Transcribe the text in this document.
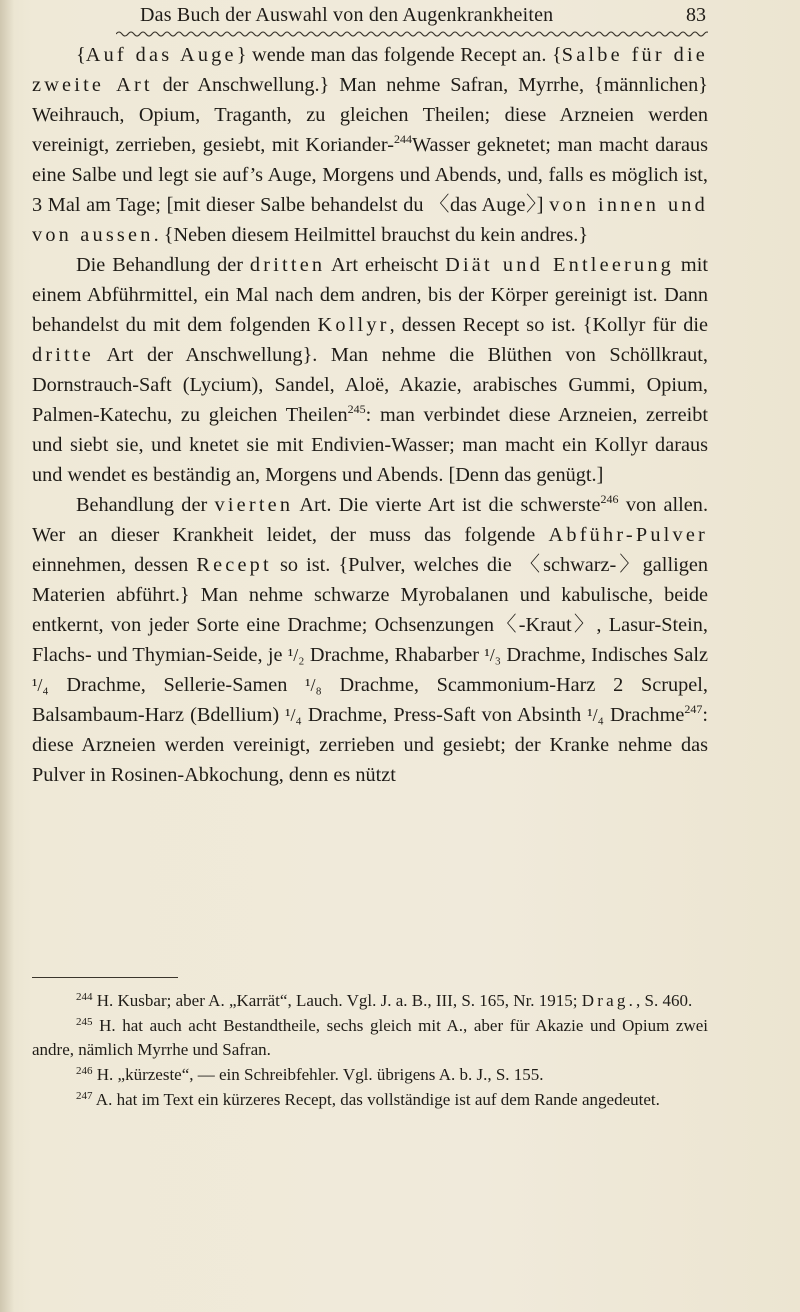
Das Buch der Auswahl von den Augenkrankheiten	83

{Auf das Auge} wende man das folgende Recept an. {Salbe für die zweite Art der Anschwellung.} Man nehme Safran, Myrrhe, {männlichen} Weihrauch, Opium, Traganth, zu gleichen Theilen; diese Arzneien werden vereinigt, zerrieben, gesiebt, mit Koriander-$^{244}$Wasser geknetet; man macht daraus eine Salbe und legt sie auf’s Auge, Morgens und Abends, und, falls es möglich ist, 3 Mal am Tage; [mit dieser Salbe behandelst du 〈das Auge〉] von innen und von aussen. {Neben diesem Heilmittel brauchst du kein andres.}

Die Behandlung der dritten Art erheischt Diät und Entleerung mit einem Abführmittel, ein Mal nach dem andren, bis der Körper gereinigt ist. Dann behandelst du mit dem folgenden Kollyr, dessen Recept so ist. {Kollyr für die dritte Art der Anschwellung}. Man nehme die Blüthen von Schöllkraut, Dornstrauch-Saft (Lycium), Sandel, Aloë, Akazie, arabisches Gummi, Opium, Palmen-Katechu, zu gleichen Theilen$^{245}$: man verbindet diese Arzneien, zerreibt und siebt sie, und knetet sie mit Endivien-Wasser; man macht ein Kollyr daraus und wendet es beständig an, Morgens und Abends. [Denn das genügt.]

Behandlung der vierten Art. Die vierte Art ist die schwerste$^{246}$ von allen. Wer an dieser Krankheit leidet, der muss das folgende Abführ-Pulver einnehmen, dessen Recept so ist. {Pulver, welches die 〈schwarz-〉galligen Materien abführt.} Man nehme schwarze Myrobalanen und kabulische, beide entkernt, von jeder Sorte eine Drachme; Ochsenzungen〈-Kraut〉, Lasur-Stein, Flachs- und Thymian-Seide, je ¹/₂ Drachme, Rhabarber ¹/₃ Drachme, Indisches Salz ¹/₄ Drachme, Sellerie-Samen ¹/₈ Drachme, Scammonium-Harz 2 Scrupel, Balsambaum-Harz (Bdellium) ¹/₄ Drachme, Press-Saft von Absinth ¹/₄ Drachme$^{247}$: diese Arzneien werden vereinigt, zerrieben und gesiebt; der Kranke nehme das Pulver in Rosinen-Abkochung, denn es nützt

$^{244}$ H. Kusbar; aber A. „Karrät“, Lauch. Vgl. J. a. B., III, S. 165, Nr. 1915; Drag., S. 460.

$^{245}$ H. hat auch acht Bestandtheile, sechs gleich mit A., aber für Akazie und Opium zwei andre, nämlich Myrrhe und Safran.

$^{246}$ H. „kürzeste“, — ein Schreibfehler. Vgl. übrigens A. b. J., S. 155.

$^{247}$ A. hat im Text ein kürzeres Recept, das vollständige ist auf dem Rande angedeutet.
